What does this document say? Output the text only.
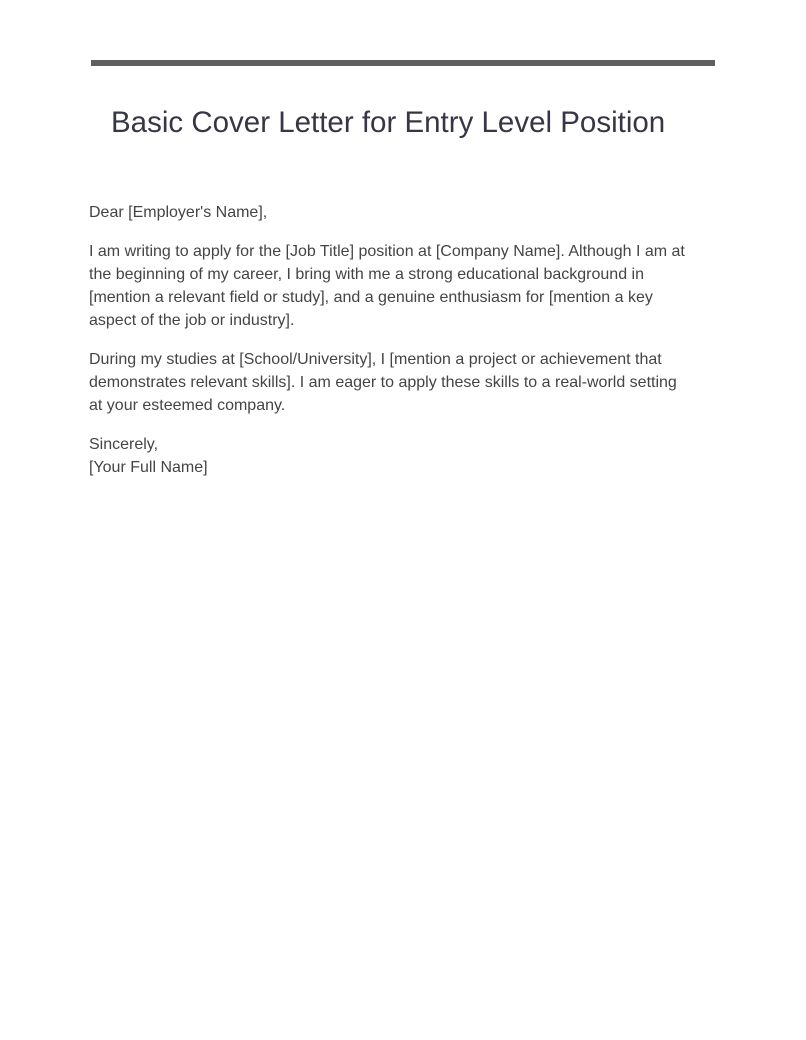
Basic Cover Letter for Entry Level Position

Dear [Employer's Name],

I am writing to apply for the [Job Title] position at [Company Name]. Although I am at the beginning of my career, I bring with me a strong educational background in [mention a relevant field or study], and a genuine enthusiasm for [mention a key aspect of the job or industry].

During my studies at [School/University], I [mention a project or achievement that demonstrates relevant skills]. I am eager to apply these skills to a real-world setting at your esteemed company.

Sincerely,
[Your Full Name]
